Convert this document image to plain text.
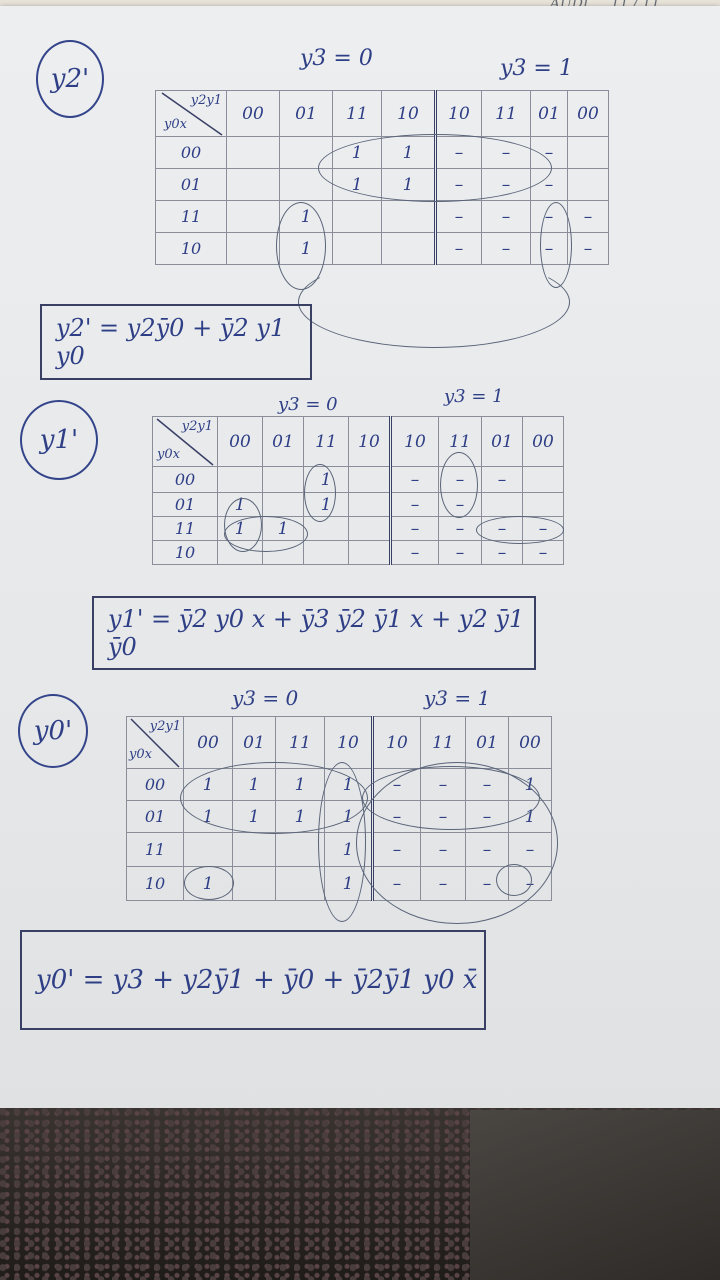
y2'
y3 = 0	y3 = 1
y2y1
y0x	00	01	11	10	10	11	01	00
00			1	1	–	–	–	
01			1	1	–	–	–	
11		1			–	–	–	–
10		1			–	–	–	–
y2' = y2ȳ0 + ȳ2 y1 y0
y1'
y3 = 0	y3 = 1
y2y1
y0x	00	01	11	10	10	11	01	00
00			1		–	–	–	
01	1		1		–	–		
11	1	1			–	–	–	–
10					–	–	–	–
y1' = ȳ2 y0 x + ȳ3 ȳ2 ȳ1 x + y2 ȳ1 ȳ0
y0'
y3 = 0	y3 = 1
y2y1
y0x	00	01	11	10	10	11	01	00
00	1	1	1	1	–	–	–	1
01	1	1	1	1	–	–	–	1
11				1	–	–	–	–
10	1			1	–	–	–	–
y0' = y3 + y2ȳ1 + ȳ0 + ȳ2ȳ1 y0 x̄
